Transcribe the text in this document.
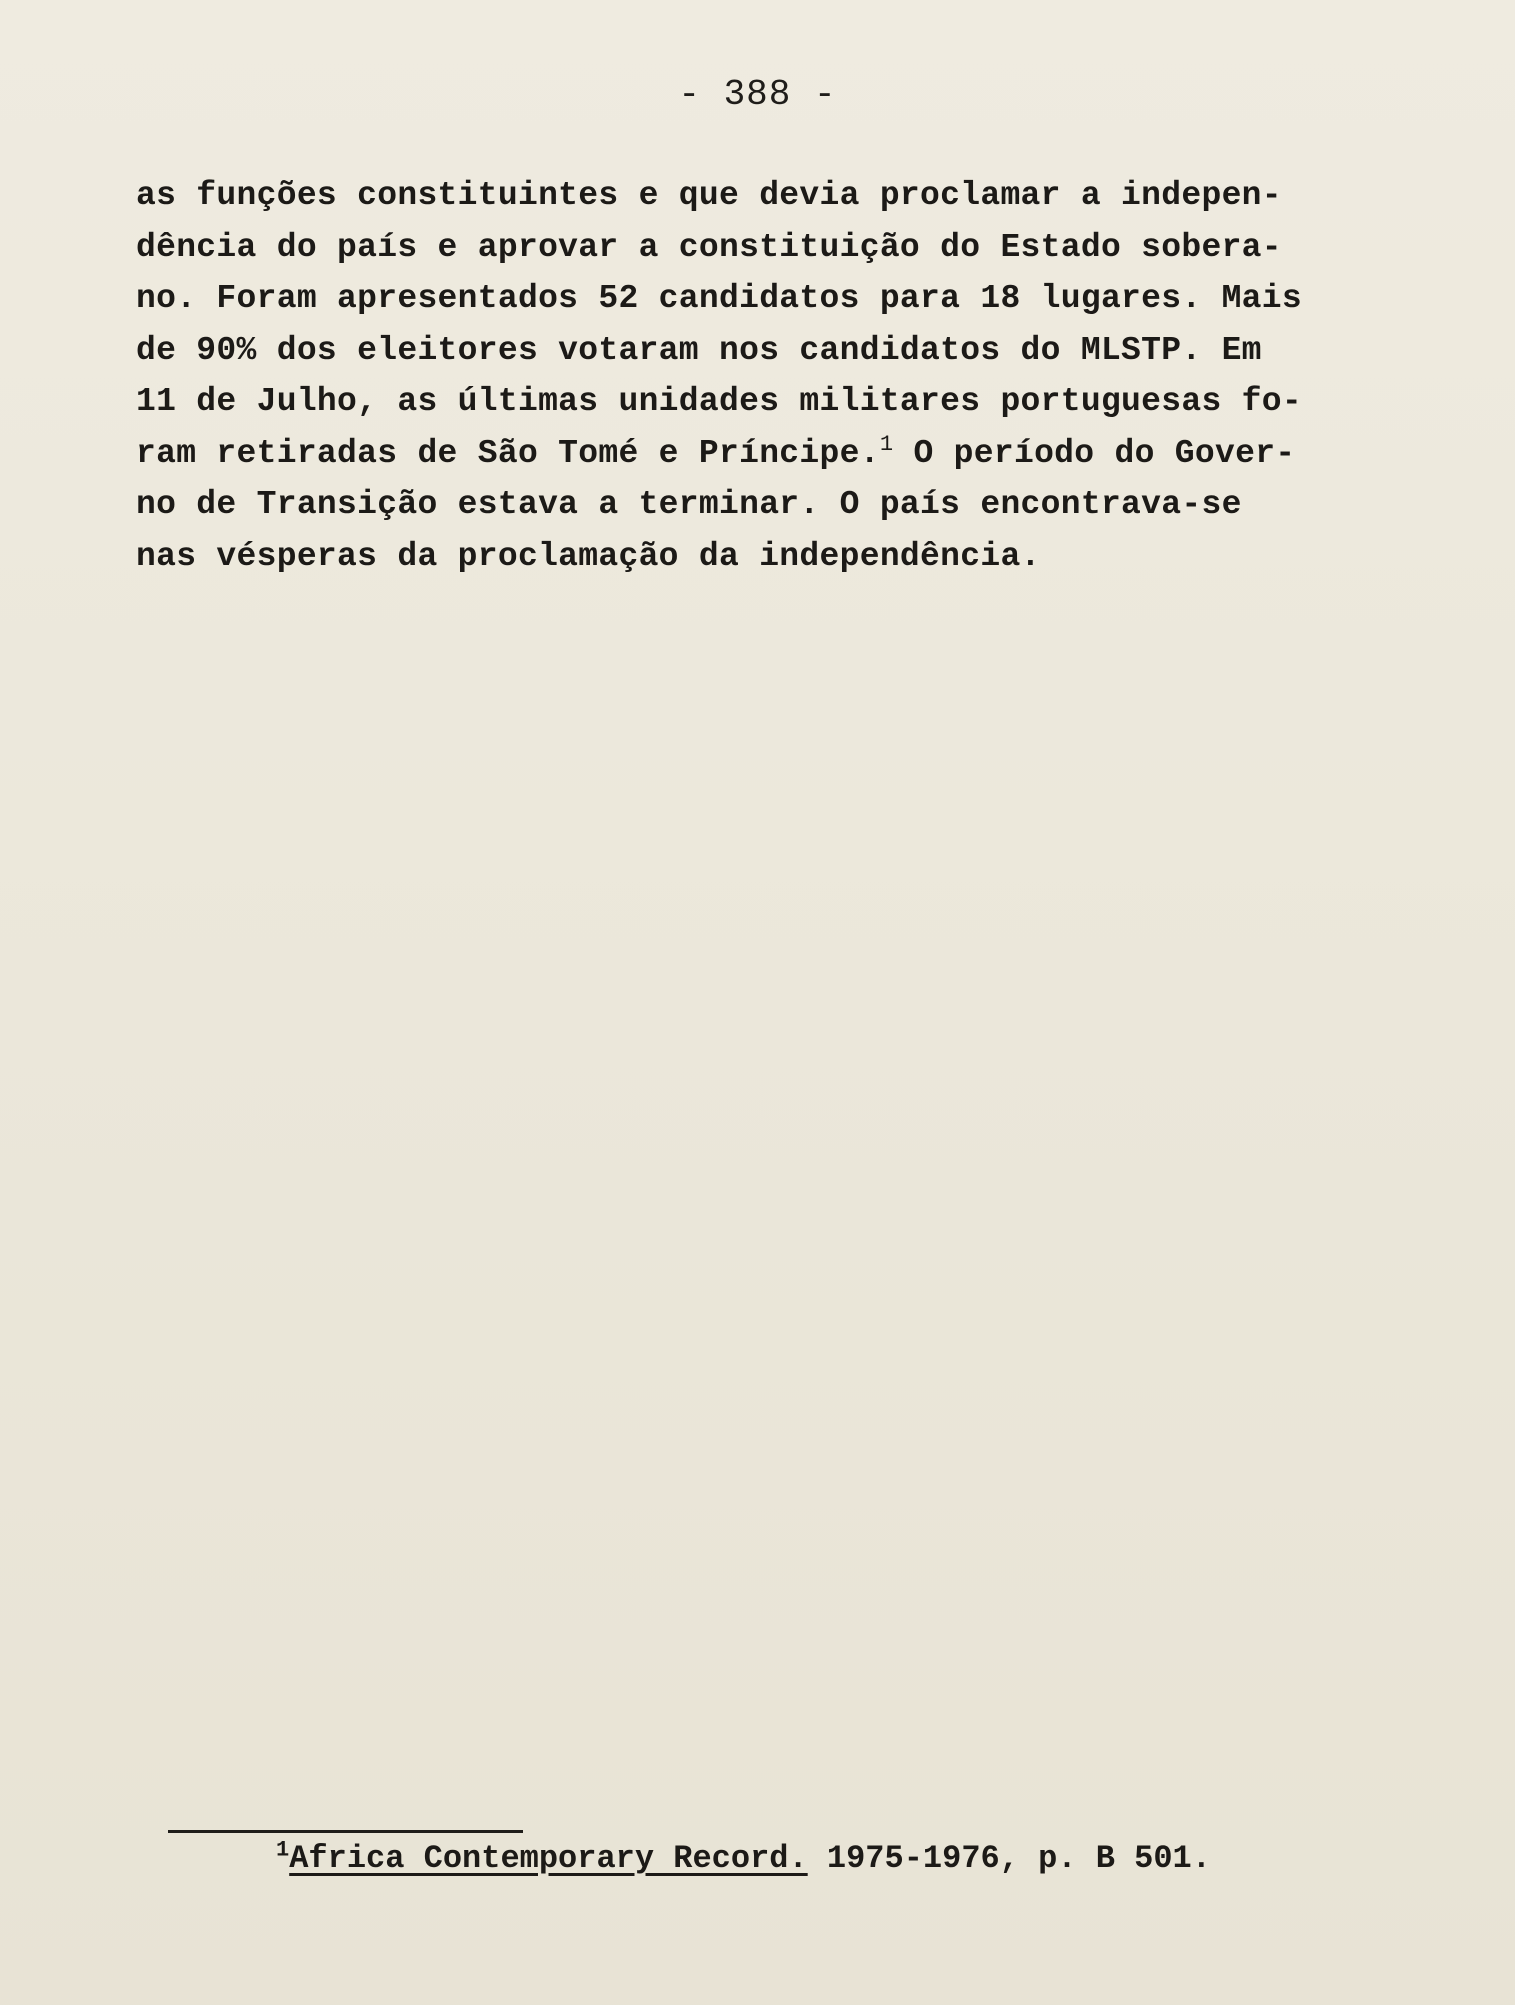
- 388 -
as funções constituintes e que devia proclamar a indepen-
dência do país e aprovar a constituição do Estado sobera-
no. Foram apresentados 52 candidatos para 18 lugares. Mais
de 90% dos eleitores votaram nos candidatos do MLSTP. Em
11 de Julho, as últimas unidades militares portuguesas fo-
ram retiradas de São Tomé e Príncipe.$^1$ O período do Gover-
no de Transição estava a terminar. O país encontrava-se
nas vésperas da proclamação da independência.
$^1$Africa Contemporary Record. 1975-1976, p. B 501.
